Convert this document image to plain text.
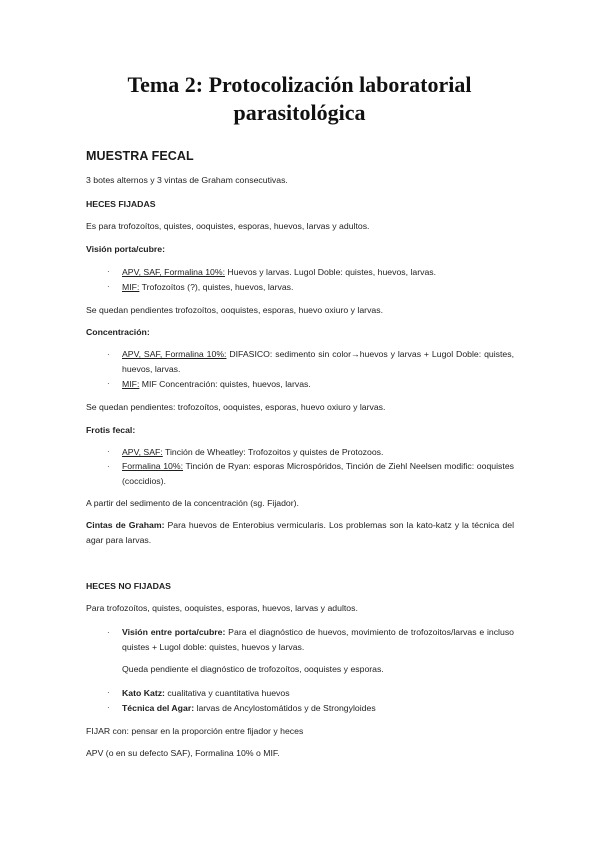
Tema 2: Protocolización laboratorial
parasitológica
MUESTRA FECAL
3 botes alternos y 3 vintas de Graham consecutivas.
HECES FIJADAS
Es para trofozoítos, quistes, ooquistes, esporas, huevos, larvas y adultos.
Visión porta/cubre:
· APV, SAF, Formalina 10%: Huevos y larvas. Lugol Doble: quistes, huevos, larvas.
· MIF: Trofozoítos (?), quistes, huevos, larvas.
Se quedan pendientes trofozoítos, ooquistes, esporas, huevo oxiuro y larvas.
Concentración:
· APV, SAF, Formalina 10%: DIFASICO: sedimento sin color→huevos y larvas + Lugol Doble: quistes, huevos, larvas.
· MIF: MIF Concentración: quistes, huevos, larvas.
Se quedan pendientes: trofozoítos, ooquistes, esporas, huevo oxiuro y larvas.
Frotis fecal:
· APV, SAF: Tinción de Wheatley: Trofozoitos y quistes de Protozoos.
· Formalina 10%: Tinción de Ryan: esporas Microspóridos, Tinción de Ziehl Neelsen modific: ooquistes (coccidios).
A partir del sedimento de la concentración (sg. Fijador).
Cintas de Graham: Para huevos de Enterobius vermicularis. Los problemas son la kato-katz y la técnica del agar para larvas.
HECES NO FIJADAS
Para trofozoítos, quistes, ooquistes, esporas, huevos, larvas y adultos.
· Visión entre porta/cubre: Para el diagnóstico de huevos, movimiento de trofozoitos/larvas e incluso quistes + Lugol doble: quistes, huevos y larvas.
Queda pendiente el diagnóstico de trofozoítos, ooquistes y esporas.
· Kato Katz: cualitativa y cuantitativa huevos
· Técnica del Agar: larvas de Ancylostomátidos y de Strongyloides
FIJAR con: pensar en la proporción entre fijador y heces
APV (o en su defecto SAF), Formalina 10% o MIF.
